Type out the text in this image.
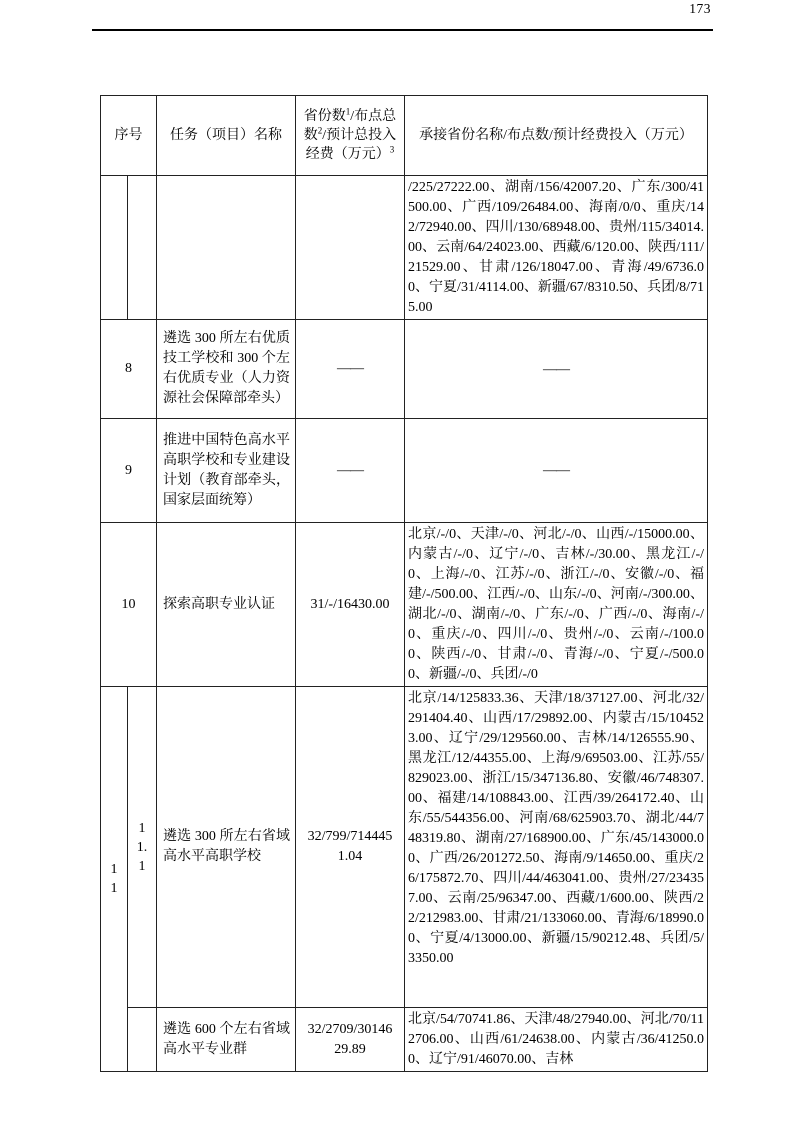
173
序号		任务（项目）名称	省份数$^1$/布点总数$^2$/预计总投入经费（万元）$^3$	承接省份名称/布点数/预计经费投入（万元）
				/225/27222.00、湖南/156/42007.20、广东/300/41500.00、广西/109/26484.00、海南/0/0、重庆/142/72940.00、四川/130/68948.00、贵州/115/34014.00、云南/64/24023.00、西藏/6/120.00、陕西/111/21529.00、甘肃/126/18047.00、青海/49/6736.00、宁夏/31/4114.00、新疆/67/8310.50、兵团/8/715.00
8		遴选 300 所左右优质技工学校和 300 个左右优质专业（人力资源社会保障部牵头）	——	——
9		推进中国特色高水平高职学校和专业建设计划（教育部牵头，国家层面统筹）	——	——
10		探索高职专业认证	31/-/16430.00	北京/-/0、天津/-/0、河北/-/0、山西/-/15000.00、内蒙古/-/0、辽宁/-/0、吉林/-/30.00、黑龙江/-/0、上海/-/0、江苏/-/0、浙江/-/0、安徽/-/0、福建/-/500.00、江西/-/0、山东/-/0、河南/-/300.00、湖北/-/0、湖南/-/0、广东/-/0、广西/-/0、海南/-/0、重庆/-/0、四川/-/0、贵州/-/0、云南/-/100.00、陕西/-/0、甘肃/-/0、青海/-/0、宁夏/-/500.00、新疆/-/0、兵团/-/0
11	11.1	遴选 300 所左右省域高水平高职学校	32/799/7144451.04	北京/14/125833.36、天津/18/37127.00、河北/32/291404.40、山西/17/29892.00、内蒙古/15/104523.00、辽宁/29/129560.00、吉林/14/126555.90、黑龙江/12/44355.00、上海/9/69503.00、江苏/55/829023.00、浙江/15/347136.80、安徽/46/748307.00、福建/14/108843.00、江西/39/264172.40、山东/55/544356.00、河南/68/625903.70、湖北/44/748319.80、湖南/27/168900.00、广东/45/143000.00、广西/26/201272.50、海南/9/14650.00、重庆/26/175872.70、四川/44/463041.00、贵州/27/234357.00、云南/25/96347.00、西藏/1/600.00、陕西/22/212983.00、甘肃/21/133060.00、青海/6/18990.00、宁夏/4/13000.00、新疆/15/90212.48、兵团/5/3350.00
		遴选 600 个左右省域高水平专业群	32/2709/3014629.89	北京/54/70741.86、天津/48/27940.00、河北/70/112706.00、山西/61/24638.00、内蒙古/36/41250.00、辽宁/91/46070.00、吉林
